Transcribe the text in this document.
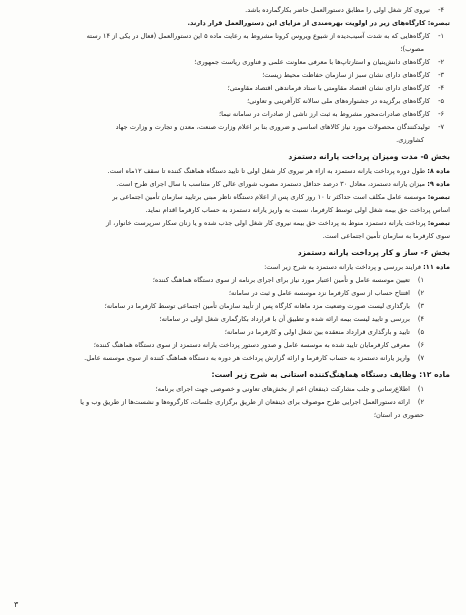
۴-نیروی کار شغل اولی را مطابق دستورالعمل حاضر بکارگمارده باشد.
تبصره: کارگاه‌های زیر در اولویت بهره‌مندی از مزایای این دستورالعمل قرار دارند.
۱-کارگاه‌هایی که به شدت آسیب‌دیده از شیوع ویروس کرونا مشروط به رعایت ماده ۵ این دستورالعمل (فعال در یکی از ۱۴ رسته
مصوب)؛
۲-کارگاه‌های دانش‌بنیان و استارتاپ‌ها با معرفی معاونت علمی و فناوری ریاست جمهوری؛
۳-کارگاه‌های دارای نشان سبز از سازمان حفاظت محیط زیست؛
۴-کارگاه‌های دارای نشان اقتصاد مقاومتی با ستاد فرماندهی اقتصاد مقاومتی؛
۵-کارگاه‌های برگزیده در جشنواره‌های ملی سالانه کارآفرینی و تعاونی؛
۶-کارگاه‌های صادرات‌محور مشروط به ثبت ارز ناشی از صادرات در سامانه نیما؛
۷-تولیدکنندگان محصولات مورد نیاز کالاهای اساسی و ضروری بنا بر اعلام وزارت صنعت، معدن و تجارت و وزارت جهاد
کشاورزی.
بخش ۵- مدت ومیزان پرداخت یارانه دستمزد
ماده ۸: طول دوره پرداخت یارانه دستمزد به ازاء هر نیروی کار شغل اولی تا تایید دستگاه هماهنگ کننده تا سقف ۱۲ماه است.
ماده ۹: میزان یارانه دستمزد، معادل ۳۰ درصد حداقل دستمزد مصوب شورای عالی کار متناسب با سال اجرای طرح است.
تبصره: موسسه عامل مکلف است حداکثر تا ۱۰ روز کاری پس از اعلام دستگاه ناظر مبنی برتایید سازمان تأمین اجتماعی بر
اساس پرداخت حق بیمه شغل اولی توسط کارفرما، نسبت به واریز یارانه دستمزد به حساب کارفرما اقدام نماید.
تبصره: پرداخت یارانه دستمزد منوط به پرداخت حق بیمه نیروی کار شغل اولی جذب شده و یا زنان سکار سرپرست خانوار، از
سوی کارفرما به سازمان تأمین اجتماعی است.
بخش ۶- ساز و کار پرداخت یارانه دستمزد
ماده ۱۱: فرایند بررسی و پرداخت یارانه دستمزد به شرح زیر است:
۱)تعیین موسسه عامل و تأمین اعتبار مورد نیاز برای اجرای برنامه از سوی دستگاه هماهنگ کننده؛
۲)افتتاح حساب از سوی کارفرما نزد موسسه عامل و ثبت در سامانه؛
۳)بارگذاری لیست صورت وضعیت مزد ماهانه کارگاه پس از تأیید سازمان تأمین اجتماعی توسط کارفرما در سامانه؛
۴)بررسی و تایید لیست بیمه ارائه شده و تطبیق آن با قرارداد بکارگماری شغل اولی در سامانه؛
۵)تایید و بارگذاری قرارداد منعقده بین شغل اولی و کارفرما در سامانه؛
۶)معرفی کارفرمایان تایید شده به موسسه عامل و صدور دستور پرداخت یارانه دستمزد از سوی دستگاه هماهنگ کننده؛
۷)واریز یارانه دستمزد به حساب کارفرما و ارائه گزارش پرداخت هر دوره به دستگاه هماهنگ کننده از سوی موسسه عامل.
ماده ۱۲: وظایف دستگاه هماهنگ‌کننده استانی به شرح زیر است:
۱)اطلاع‌رسانی و جلب مشارکت ذینفعان اعم از بخش‌های تعاونی و خصوصی جهت اجرای برنامه؛
۲)ارائه دستورالعمل اجرایی طرح موصوف برای ذینفعان از طریق برگزاری جلسات، کارگروه‌ها و نشست‌ها از طریق وب و یا
حضوری در استان؛
۳
